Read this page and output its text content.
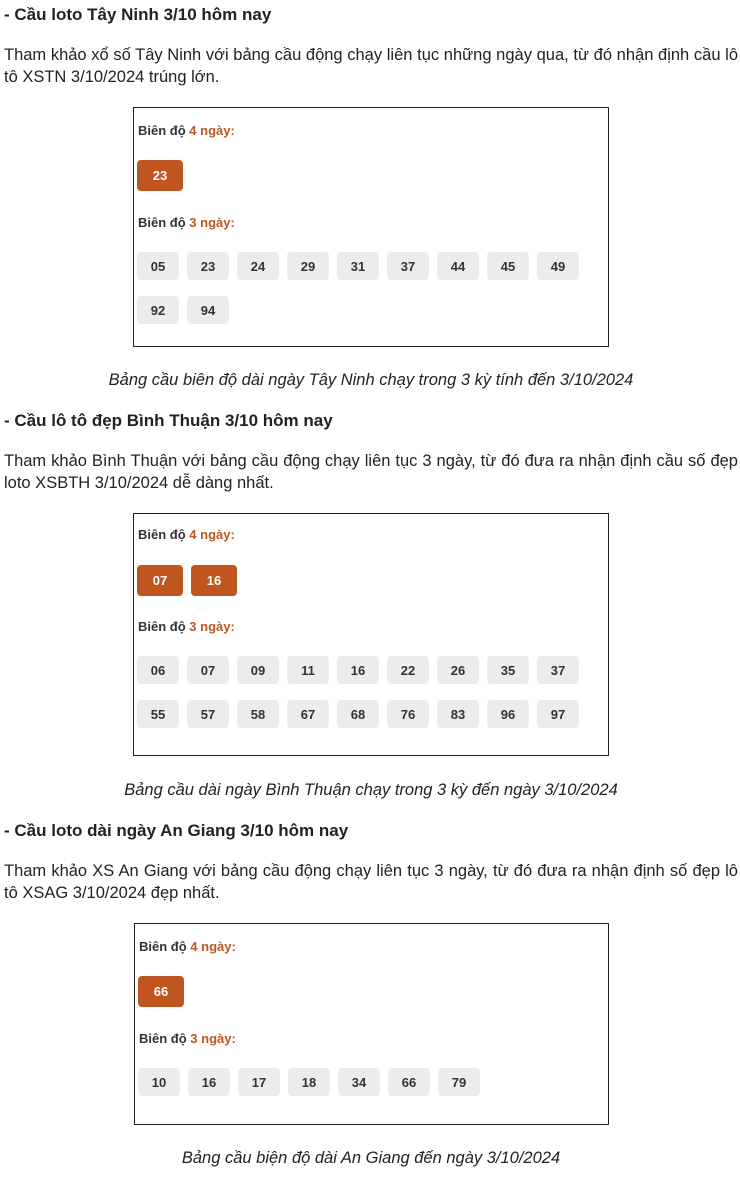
- Cầu loto Tây Ninh 3/10 hôm nay

Tham khảo xổ số Tây Ninh với bảng cầu động chạy liên tục những ngày qua, từ đó nhận định cầu lô tô XSTN 3/10/2024 trúng lớn.

Biên độ 4 ngày:
23
Biên độ 3 ngày:
05	23	24	29	31	37	44	45	49
92	94
Bảng cầu biên độ dài ngày Tây Ninh chạy trong 3 kỳ tính đến 3/10/2024
- Cầu lô tô đẹp Bình Thuận 3/10 hôm nay

Tham khảo Bình Thuận với bảng cầu động chạy liên tục 3 ngày, từ đó đưa ra nhận định cầu số đẹp loto XSBTH 3/10/2024 dễ dàng nhất.

Biên độ 4 ngày:
07	16
Biên độ 3 ngày:
06	07	09	11	16	22	26	35	37
55	57	58	67	68	76	83	96	97
Bảng cầu dài ngày Bình Thuận chạy trong 3 kỳ đến ngày 3/10/2024
- Cầu loto dài ngày An Giang 3/10 hôm nay

Tham khảo XS An Giang với bảng cầu động chạy liên tục 3 ngày, từ đó đưa ra nhận định số đẹp lô tô XSAG 3/10/2024 đẹp nhất.

Biên độ 4 ngày:
66
Biên độ 3 ngày:
10	16	17	18	34	66	79
Bảng cầu biện độ dài An Giang đến ngày 3/10/2024
